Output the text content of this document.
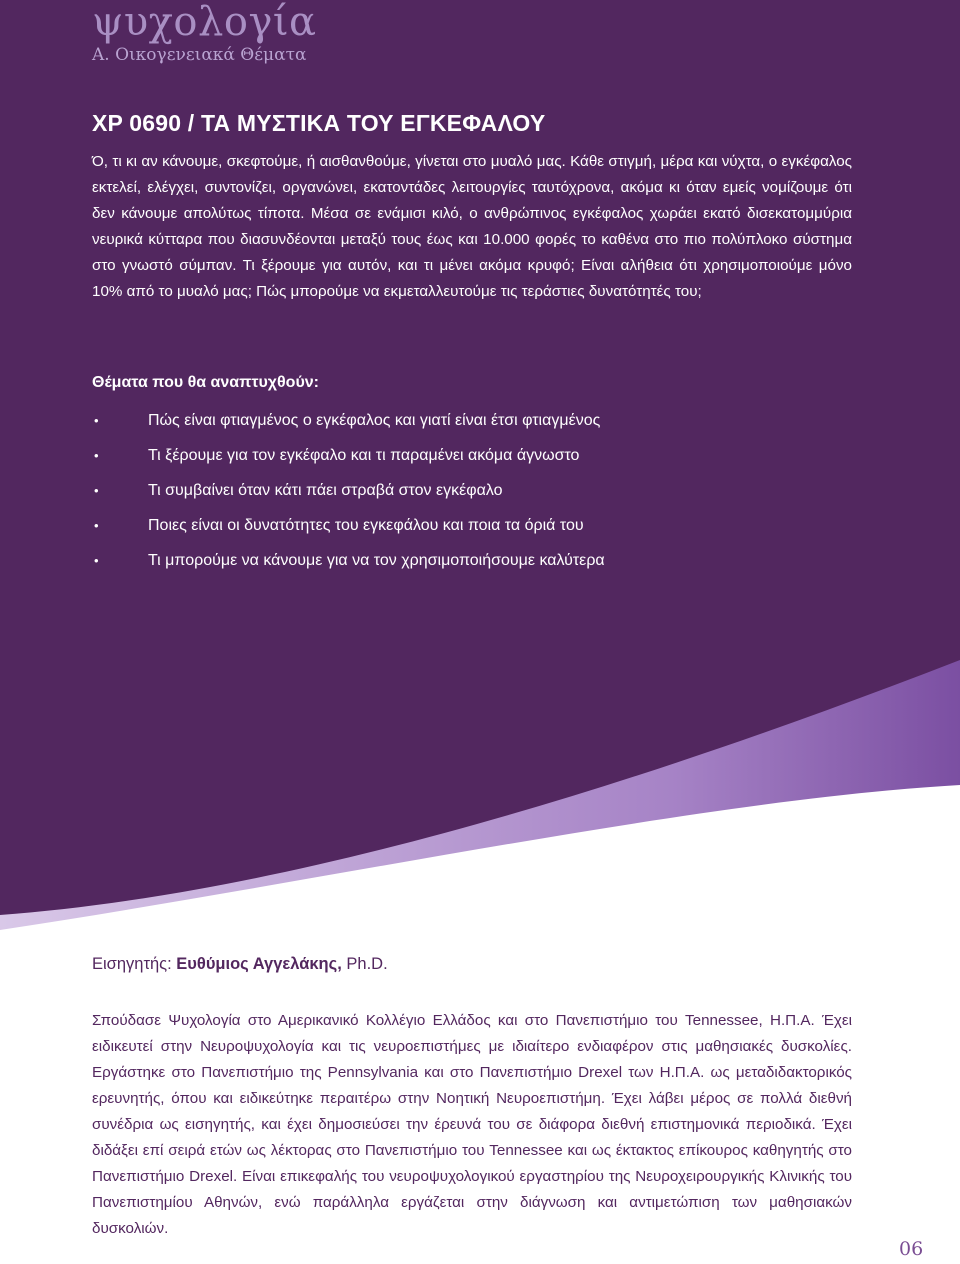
ψυχολογία
Α. Οικογενειακά Θέματα
XP 0690 / ΤΑ ΜΥΣΤΙΚΑ ΤΟΥ ΕΓΚΕΦΑΛΟΥ

Ό, τι κι αν κάνουμε, σκεφτούμε, ή αισθανθούμε, γίνεται στο μυαλό μας. Κάθε στιγμή, μέρα και νύχτα, ο εγκέφαλος εκτελεί, ελέγχει, συντονίζει, οργανώνει, εκατοντάδες λειτουργίες ταυτόχρονα, ακόμα κι όταν εμείς νομίζουμε ότι δεν κάνουμε απολύτως τίποτα. Μέσα σε ενάμισι κιλό, ο ανθρώπινος εγκέφαλος χωράει εκατό δισεκατομμύρια νευρικά κύτταρα που διασυνδέονται μεταξύ τους έως και 10.000 φορές το καθένα στο πιο πολύπλοκο σύστημα στο γνωστό σύμπαν. Τι ξέρουμε για αυτόν, και τι μένει ακόμα κρυφό; Είναι αλήθεια ότι χρησιμοποιούμε μόνο 10% από το μυαλό μας; Πώς μπορούμε να εκμεταλλευτούμε τις τεράστιες δυνατότητές του;

Θέματα που θα αναπτυχθούν:
•	Πώς είναι φτιαγμένος ο εγκέφαλος και γιατί είναι έτσι φτιαγμένος
•	Τι ξέρουμε για τον εγκέφαλο και τι παραμένει ακόμα άγνωστο
•	Τι συμβαίνει όταν κάτι πάει στραβά στον εγκέφαλο
•	Ποιες είναι οι δυνατότητες του εγκεφάλου και ποια τα όριά του
•	Τι μπορούμε να κάνουμε για να τον χρησιμοποιήσουμε καλύτερα
Εισηγητής: Ευθύμιος Αγγελάκης, Ph.D.

Σπούδασε Ψυχολογία στο Αμερικανικό Κολλέγιο Ελλάδος και στο Πανεπιστήμιο του Tennessee, Η.Π.Α. Έχει ειδικευτεί στην Νευροψυχολογία και τις νευροεπιστήμες με ιδιαίτερο ενδιαφέρον στις μαθησιακές δυσκολίες. Εργάστηκε στο Πανεπιστήμιο της Pennsylvania και στο Πανεπιστήμιο Drexel των Η.Π.Α. ως μεταδιδακτορικός ερευνητής, όπου και ειδικεύτηκε περαιτέρω στην Νοητική Νευροεπιστήμη. Έχει λάβει μέρος σε πολλά διεθνή συνέδρια ως εισηγητής, και έχει δημοσιεύσει την έρευνά του σε διάφορα διεθνή επιστημονικά περιοδικά. Έχει διδάξει επί σειρά ετών ως λέκτορας στο Πανεπιστήμιο του Tennessee και ως έκτακτος επίκουρος καθηγητής στο Πανεπιστήμιο Drexel. Είναι επικεφαλής του νευροψυχολογικού εργαστηρίου της Νευροχειρουργικής Κλινικής του Πανεπιστημίου Αθηνών, ενώ παράλληλα εργάζεται στην διάγνωση και αντιμετώπιση των μαθησιακών δυσκολιών.

06
